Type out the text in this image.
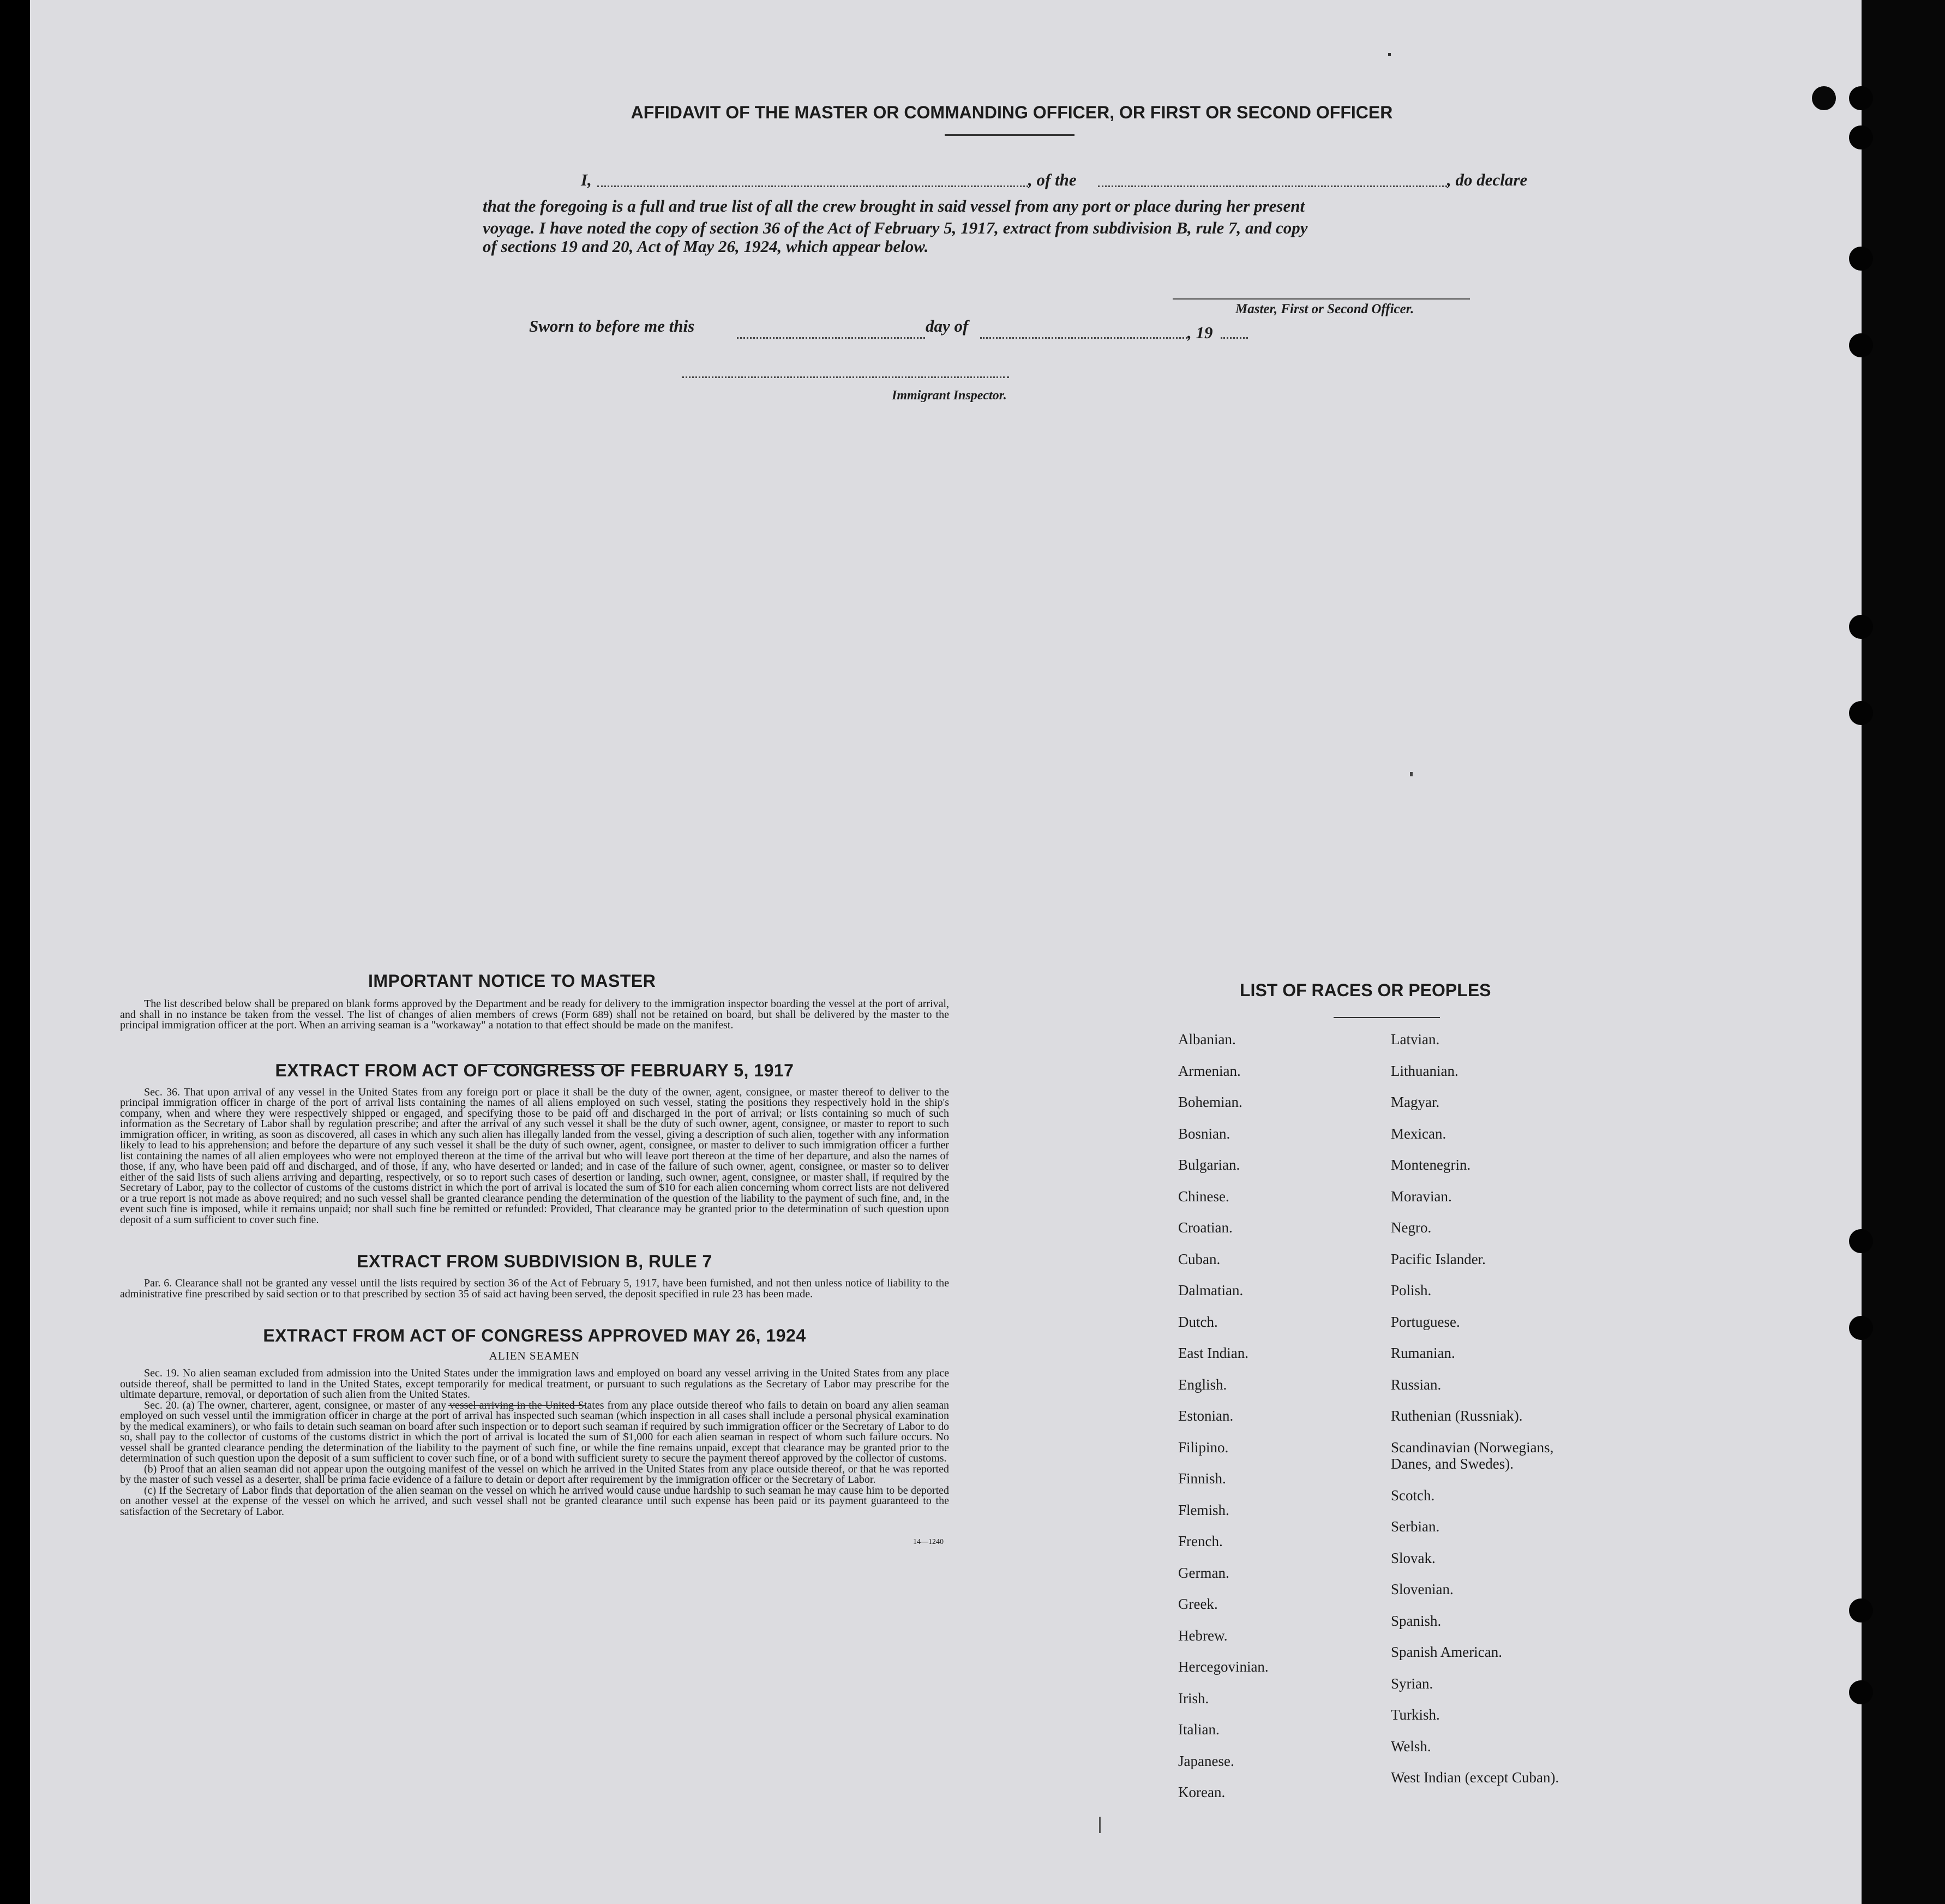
AFFIDAVIT OF THE MASTER OR COMMANDING OFFICER, OR FIRST OR SECOND OFFICER
I,	, of the	, do declare
that the foregoing is a full and true list of all the crew brought in said vessel from any port or place during her present
voyage. I have noted the copy of section 36 of the Act of February 5, 1917, extract from subdivision B, rule 7, and copy
of sections 19 and 20, Act of May 26, 1924, which appear below.
Master, First or Second Officer.
Sworn to before me this	day of	, 19
Immigrant Inspector.
IMPORTANT NOTICE TO MASTER

The list described below shall be prepared on blank forms approved by the Department and be ready for delivery to the immigration inspector boarding the vessel at the port of arrival, and shall in no instance be taken from the vessel. The list of changes of alien members of crews (Form 689) shall not be retained on board, but shall be delivered by the master to the principal immigration officer at the port. When an arriving seaman is a "workaway" a notation to that effect should be made on the manifest.

EXTRACT FROM ACT OF CONGRESS OF FEBRUARY 5, 1917

Sec. 36. That upon arrival of any vessel in the United States from any foreign port or place it shall be the duty of the owner, agent, consignee, or master thereof to deliver to the principal immigration officer in charge of the port of arrival lists containing the names of all aliens employed on such vessel, stating the positions they respectively hold in the ship's company, when and where they were respectively shipped or engaged, and specifying those to be paid off and discharged in the port of arrival; or lists containing so much of such information as the Secretary of Labor shall by regulation prescribe; and after the arrival of any such vessel it shall be the duty of such owner, agent, consignee, or master to report to such immigration officer, in writing, as soon as discovered, all cases in which any such alien has illegally landed from the vessel, giving a description of such alien, together with any information likely to lead to his apprehension; and before the departure of any such vessel it shall be the duty of such owner, agent, consignee, or master to deliver to such immigration officer a further list containing the names of all alien employees who were not employed thereon at the time of the arrival but who will leave port thereon at the time of her departure, and also the names of those, if any, who have been paid off and discharged, and of those, if any, who have deserted or landed; and in case of the failure of such owner, agent, consignee, or master so to deliver either of the said lists of such aliens arriving and departing, respectively, or so to report such cases of desertion or landing, such owner, agent, consignee, or master shall, if required by the Secretary of Labor, pay to the collector of customs of the customs district in which the port of arrival is located the sum of $10 for each alien concerning whom correct lists are not delivered or a true report is not made as above required; and no such vessel shall be granted clearance pending the determination of the question of the liability to the payment of such fine, and, in the event such fine is imposed, while it remains unpaid; nor shall such fine be remitted or refunded: Provided, That clearance may be granted prior to the determination of such question upon deposit of a sum sufficient to cover such fine.

EXTRACT FROM SUBDIVISION B, RULE 7

Par. 6. Clearance shall not be granted any vessel until the lists required by section 36 of the Act of February 5, 1917, have been furnished, and not then unless notice of liability to the administrative fine prescribed by said section or to that prescribed by section 35 of said act having been served, the deposit specified in rule 23 has been made.

EXTRACT FROM ACT OF CONGRESS APPROVED MAY 26, 1924
ALIEN SEAMEN

Sec. 19. No alien seaman excluded from admission into the United States under the immigration laws and employed on board any vessel arriving in the United States from any place outside thereof, shall be permitted to land in the United States, except temporarily for medical treatment, or pursuant to such regulations as the Secretary of Labor may prescribe for the ultimate departure, removal, or deportation of such alien from the United States.

Sec. 20. (a) The owner, charterer, agent, consignee, or master of any vessel arriving in the United States from any place outside thereof who fails to detain on board any alien seaman employed on such vessel until the immigration officer in charge at the port of arrival has inspected such seaman (which inspection in all cases shall include a personal physical examination by the medical examiners), or who fails to detain such seaman on board after such inspection or to deport such seaman if required by such immigration officer or the Secretary of Labor to do so, shall pay to the collector of customs of the customs district in which the port of arrival is located the sum of $1,000 for each alien seaman in respect of whom such failure occurs. No vessel shall be granted clearance pending the determination of the liability to the payment of such fine, or while the fine remains unpaid, except that clearance may be granted prior to the determination of such question upon the deposit of a sum sufficient to cover such fine, or of a bond with sufficient surety to secure the payment thereof approved by the collector of customs.

(b) Proof that an alien seaman did not appear upon the outgoing manifest of the vessel on which he arrived in the United States from any place outside thereof, or that he was reported by the master of such vessel as a deserter, shall be prima facie evidence of a failure to detain or deport after requirement by the immigration officer or the Secretary of Labor.

(c) If the Secretary of Labor finds that deportation of the alien seaman on the vessel on which he arrived would cause undue hardship to such seaman he may cause him to be deported on another vessel at the expense of the vessel on which he arrived, and such vessel shall not be granted clearance until such expense has been paid or its payment guaranteed to the satisfaction of the Secretary of Labor.

14—1240
LIST OF RACES OR PEOPLES
Albanian.
Armenian.
Bohemian.
Bosnian.
Bulgarian.
Chinese.
Croatian.
Cuban.
Dalmatian.
Dutch.
East Indian.
English.
Estonian.
Filipino.
Finnish.
Flemish.
French.
German.
Greek.
Hebrew.
Hercegovinian.
Irish.
Italian.
Japanese.
Korean.
Latvian.
Lithuanian.
Magyar.
Mexican.
Montenegrin.
Moravian.
Negro.
Pacific Islander.
Polish.
Portuguese.
Rumanian.
Russian.
Ruthenian (Russniak).
Scandinavian (Norwegians,
Danes, and Swedes).
Scotch.
Serbian.
Slovak.
Slovenian.
Spanish.
Spanish American.
Syrian.
Turkish.
Welsh.
West Indian (except Cuban).
